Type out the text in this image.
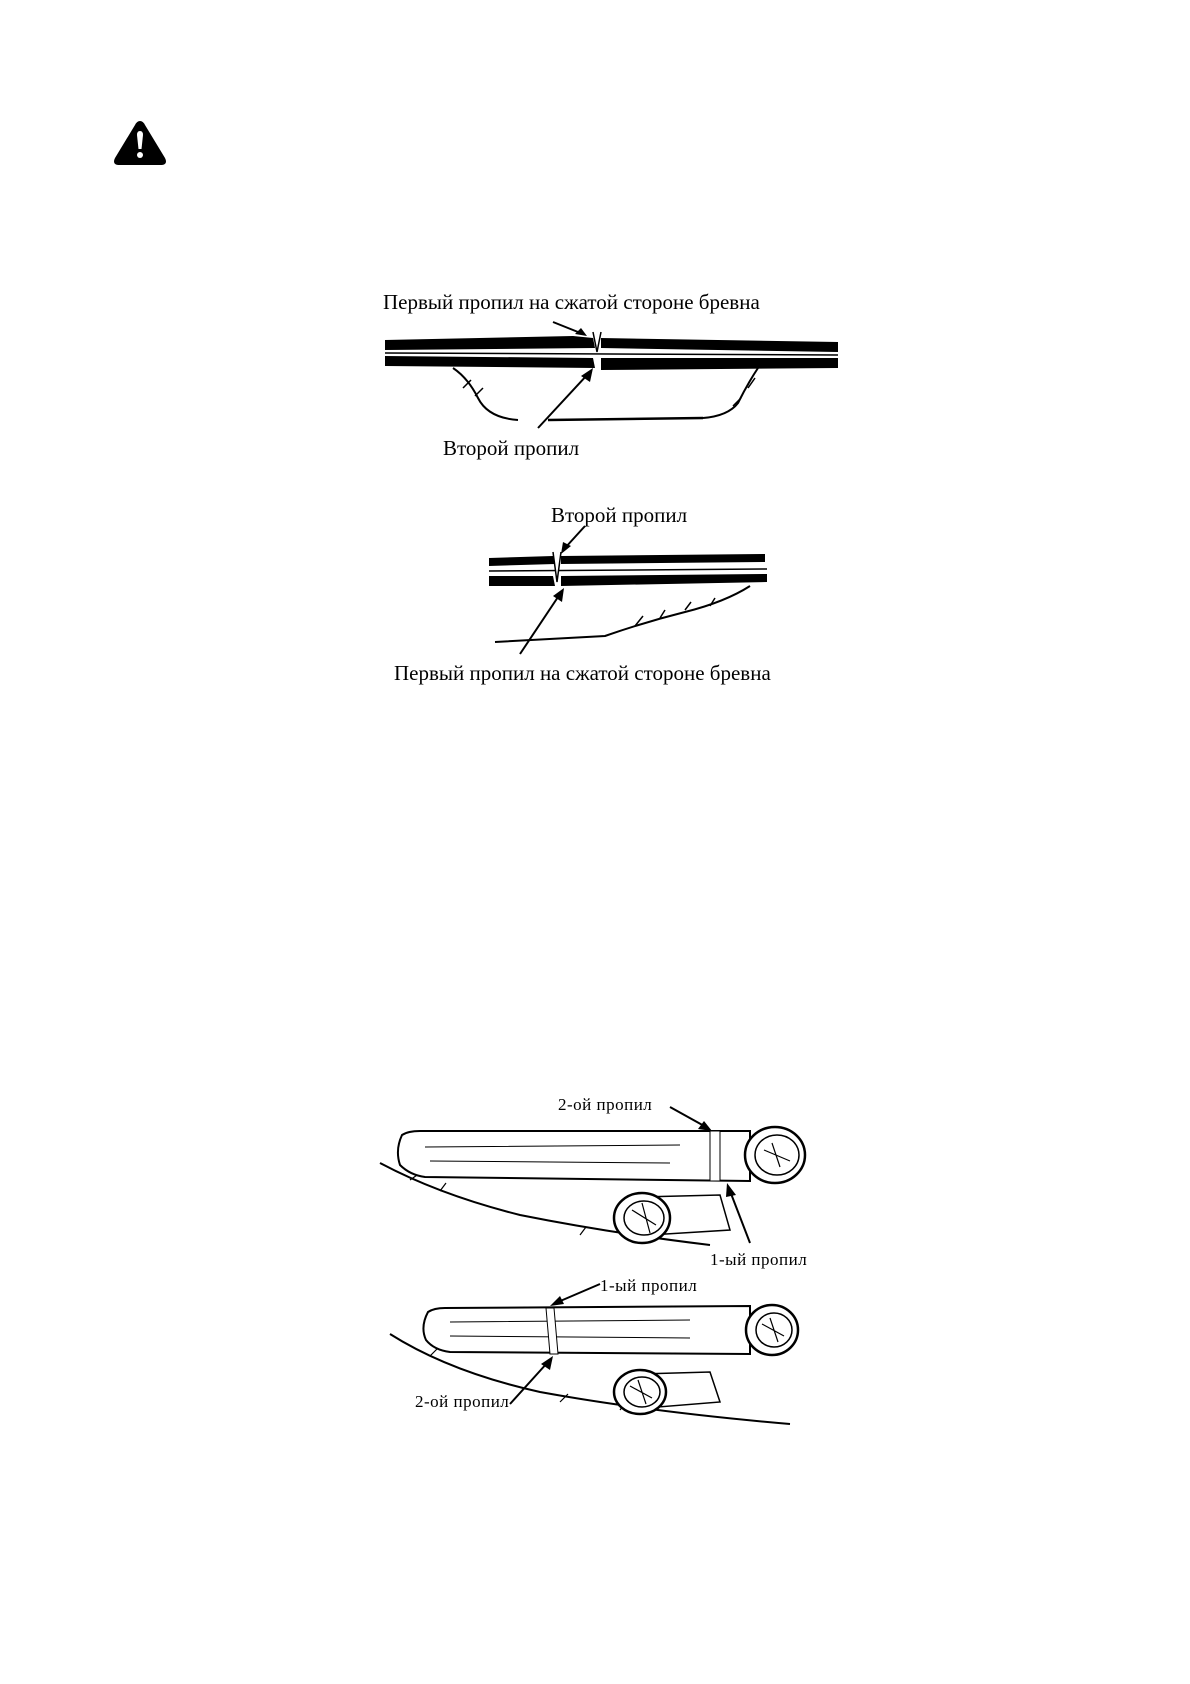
Первый пропил на сжатой стороне бревна
Второй пропил
Второй пропил
Первый пропил на сжатой стороне бревна
2-ой пропил
1-ый пропил
1-ый пропил
2-ой пропил
